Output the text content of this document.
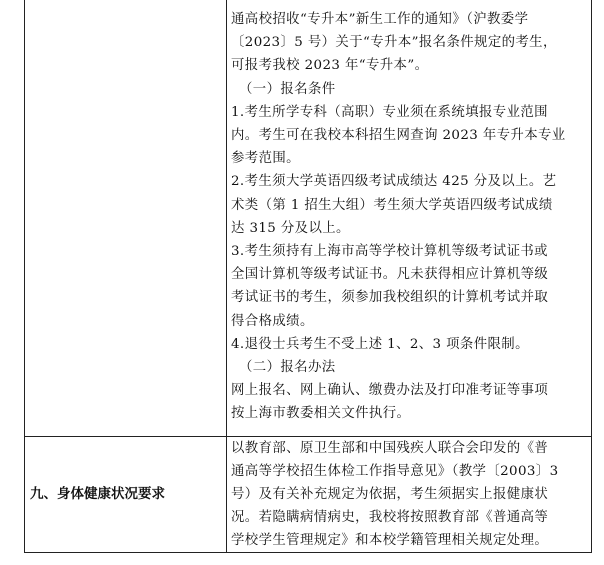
通高校招收“专升本”新生工作的通知》（沪教委学
〔2023〕5 号）关于“专升本”报名条件规定的考生，
可报考我校 2023 年“专升本”。
（一）报名条件
1.考生所学专科（高职）专业须在系统填报专业范围
内。考生可在我校本科招生网查询 2023 年专升本专业
参考范围。
2.考生须大学英语四级考试成绩达 425 分及以上。艺
术类（第 1 招生大组）考生须大学英语四级考试成绩
达 315 分及以上。
3.考生须持有上海市高等学校计算机等级考试证书或
全国计算机等级考试证书。凡未获得相应计算机等级
考试证书的考生，须参加我校组织的计算机考试并取
得合格成绩。
4.退役士兵考生不受上述 1、2、3 项条件限制。
（二）报名办法
网上报名、网上确认、缴费办法及打印准考证等事项
按上海市教委相关文件执行。
九、身体健康状况要求
以教育部、原卫生部和中国残疾人联合会印发的《普
通高等学校招生体检工作指导意见》（教学〔2003〕3
号）及有关补充规定为依据，考生须据实上报健康状
况。若隐瞒病情病史，我校将按照教育部《普通高等
学校学生管理规定》和本校学籍管理相关规定处理。
